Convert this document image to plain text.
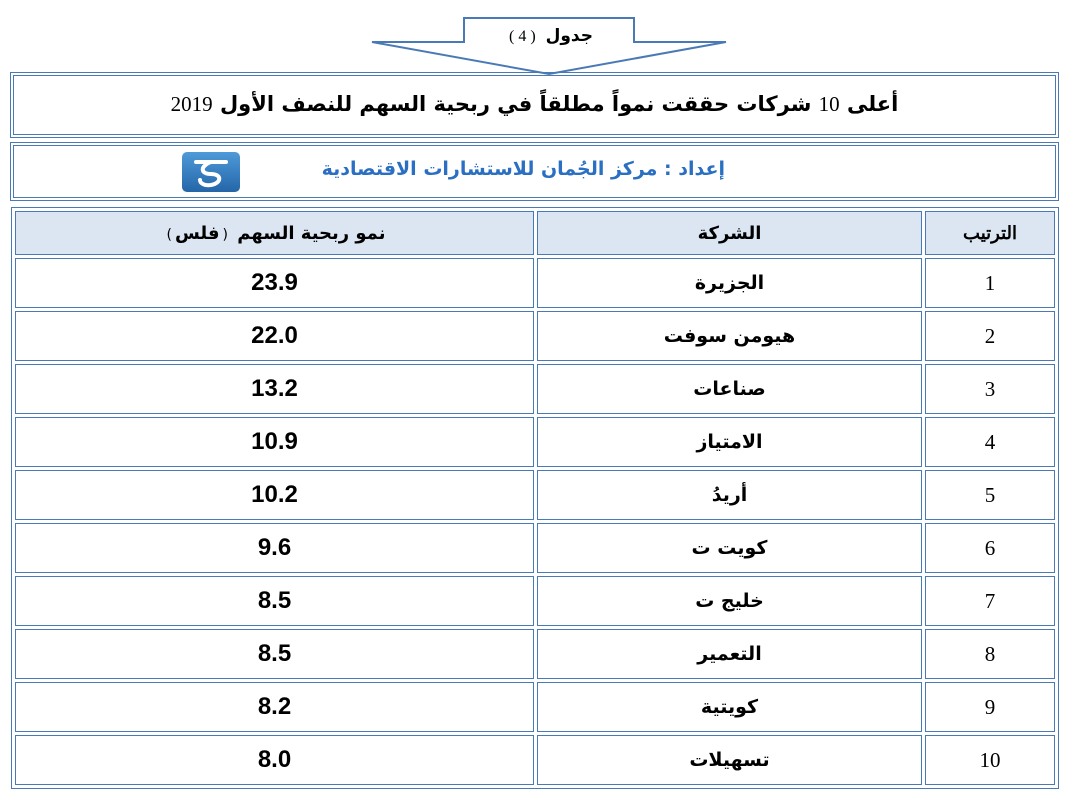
جدول ( 4 )
أعلى 10 شركات حققت نمواً مطلقاً في ربحية السهم للنصف الأول 2019
إعداد : مركز الجُمان للاستشارات الاقتصادية
الترتيب	الشركة	نمو ربحية السهم (فلس)
1	الجزيرة	23.9
2	هيومن سوفت	22.0
3	صناعات	13.2
4	الامتياز	10.9
5	أريدُ	10.2
6	كويت ت	9.6
7	خليج ت	8.5
8	التعمير	8.5
9	كويتية	8.2
10	تسهيلات	8.0
